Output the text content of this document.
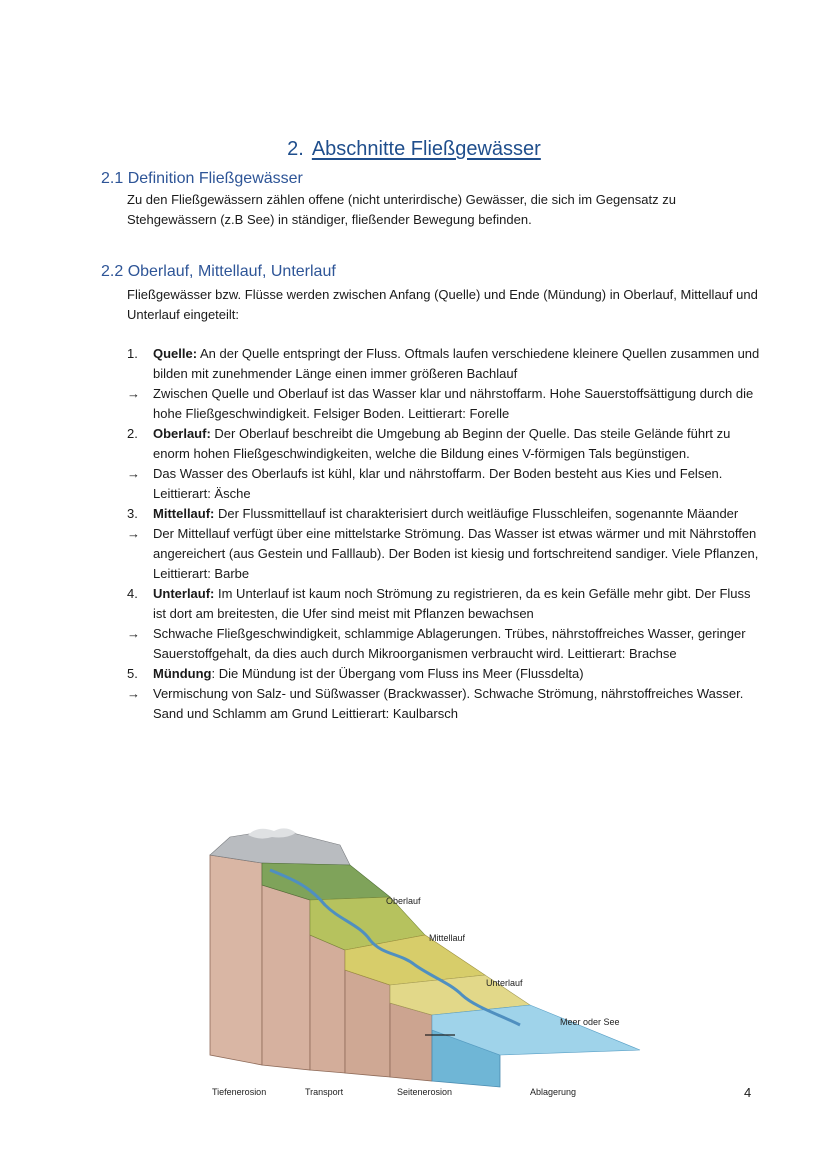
2. Abschnitte Fließgewässer
2.1 Definition Fließgewässer

Zu den Fließgewässern zählen offene (nicht unterirdische) Gewässer, die sich im Gegensatz zu Stehgewässern (z.B See) in ständiger, fließender Bewegung befinden.

2.2 Oberlauf, Mittellauf, Unterlauf

Fließgewässer bzw. Flüsse werden zwischen Anfang (Quelle) und Ende (Mündung) in Oberlauf, Mittellauf und Unterlauf eingeteilt:

1. Quelle: An der Quelle entspringt der Fluss. Oftmals laufen verschiedene kleinere Quellen zusammen und bilden mit zunehmender Länge einen immer größeren Bachlauf
→ Zwischen Quelle und Oberlauf ist das Wasser klar und nährstoffarm. Hohe Sauerstoffsättigung durch die hohe Fließgeschwindigkeit. Felsiger Boden. Leittierart: Forelle
2. Oberlauf: Der Oberlauf beschreibt die Umgebung ab Beginn der Quelle. Das steile Gelände führt zu enorm hohen Fließgeschwindigkeiten, welche die Bildung eines V-förmigen Tals begünstigen.
→ Das Wasser des Oberlaufs ist kühl, klar und nährstoffarm. Der Boden besteht aus Kies und Felsen. Leittierart: Äsche
3. Mittellauf: Der Flussmittellauf ist charakterisiert durch weitläufige Flusschleifen, sogenannte Mäander
→ Der Mittellauf verfügt über eine mittelstarke Strömung. Das Wasser ist etwas wärmer und mit Nährstoffen angereichert (aus Gestein und Falllaub). Der Boden ist kiesig und fortschreitend sandiger. Viele Pflanzen, Leittierart: Barbe
4. Unterlauf: Im Unterlauf ist kaum noch Strömung zu registrieren, da es kein Gefälle mehr gibt. Der Fluss ist dort am breitesten, die Ufer sind meist mit Pflanzen bewachsen
→ Schwache Fließgeschwindigkeit, schlammige Ablagerungen. Trübes, nährstoffreiches Wasser, geringer Sauerstoffgehalt, da dies auch durch Mikroorganismen verbraucht wird. Leittierart: Brachse
5. Mündung: Die Mündung ist der Übergang vom Fluss ins Meer (Flussdelta)
→ Vermischung von Salz- und Süßwasser (Brackwasser). Schwache Strömung, nährstoffreiches Wasser. Sand und Schlamm am Grund Leittierart: Kaulbarsch
Oberlauf
Mittellauf
Unterlauf
Meer oder See
Tiefenerosion	Transport	Seitenerosion	Ablagerung	4
